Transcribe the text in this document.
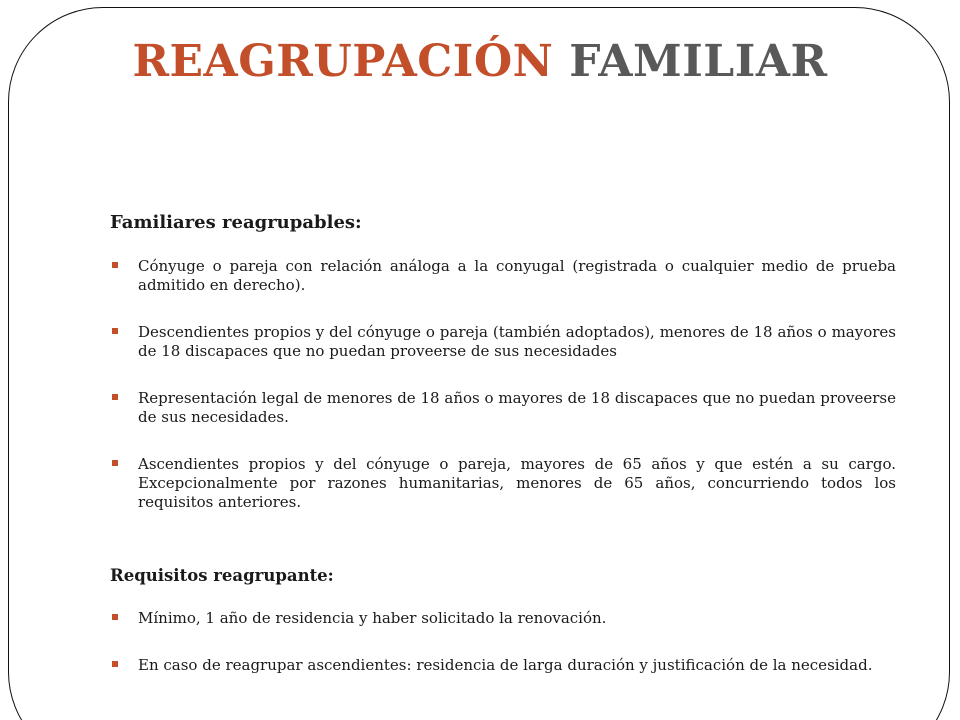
REAGRUPACIÓN FAMILIAR
Familiares reagrupables:
Cónyuge o pareja con relación análoga a la conyugal (registrada o cualquier medio de prueba admitido en derecho).
Descendientes propios y del cónyuge o pareja (también adoptados), menores de 18 años o mayores de 18 discapaces que no puedan proveerse de sus necesidades
Representación legal de menores de 18 años o mayores de 18 discapaces que no puedan proveerse de sus necesidades.
Ascendientes propios y del cónyuge o pareja, mayores de 65 años y que estén a su cargo. Excepcionalmente por razones humanitarias, menores de 65 años, concurriendo todos los requisitos anteriores.
Requisitos reagrupante:
Mínimo, 1 año de residencia y haber solicitado la renovación.
En caso de reagrupar ascendientes: residencia de larga duración y justificación de la necesidad.
